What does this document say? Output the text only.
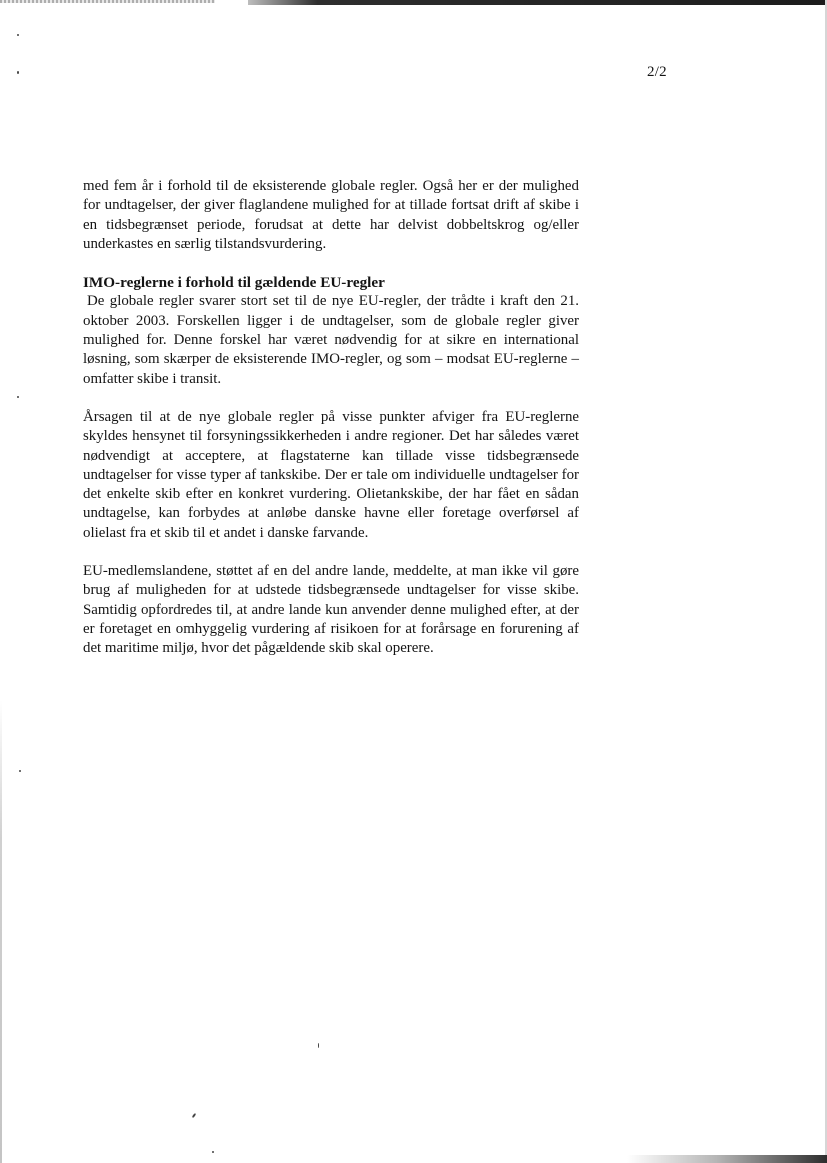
2/2

med fem år i forhold til de eksisterende globale regler. Også her er der mulighed for undtagelser, der giver flaglandene mulighed for at tillade fortsat drift af skibe i en tidsbegrænset periode, forudsat at dette har delvist dobbeltskrog og/eller underkastes en særlig tilstandsvurdering.

IMO-reglerne i forhold til gældende EU-regler

De globale regler svarer stort set til de nye EU-regler, der trådte i kraft den 21. oktober 2003. Forskellen ligger i de undtagelser, som de globale regler giver mulighed for. Denne forskel har været nødvendig for at sikre en international løsning, som skærper de eksisterende IMO-regler, og som – modsat EU-reglerne – omfatter skibe i transit.

Årsagen til at de nye globale regler på visse punkter afviger fra EU-reglerne skyldes hensynet til forsyningssikkerheden i andre regioner. Det har således været nødvendigt at acceptere, at flagstaterne kan tillade visse tidsbegrænsede undtagelser for visse typer af tankskibe. Der er tale om individuelle undtagelser for det enkelte skib efter en konkret vurdering. Olietankskibe, der har fået en sådan undtagelse, kan forbydes at anløbe danske havne eller foretage overførsel af olielast fra et skib til et andet i danske farvande.

EU-medlemslandene, støttet af en del andre lande, meddelte, at man ikke vil gøre brug af muligheden for at udstede tidsbegrænsede undtagelser for visse skibe. Samtidig opfordredes til, at andre lande kun anvender denne mulighed efter, at der er foretaget en omhyggelig vurdering af risikoen for at forårsage en forurening af det maritime miljø, hvor det pågældende skib skal operere.
